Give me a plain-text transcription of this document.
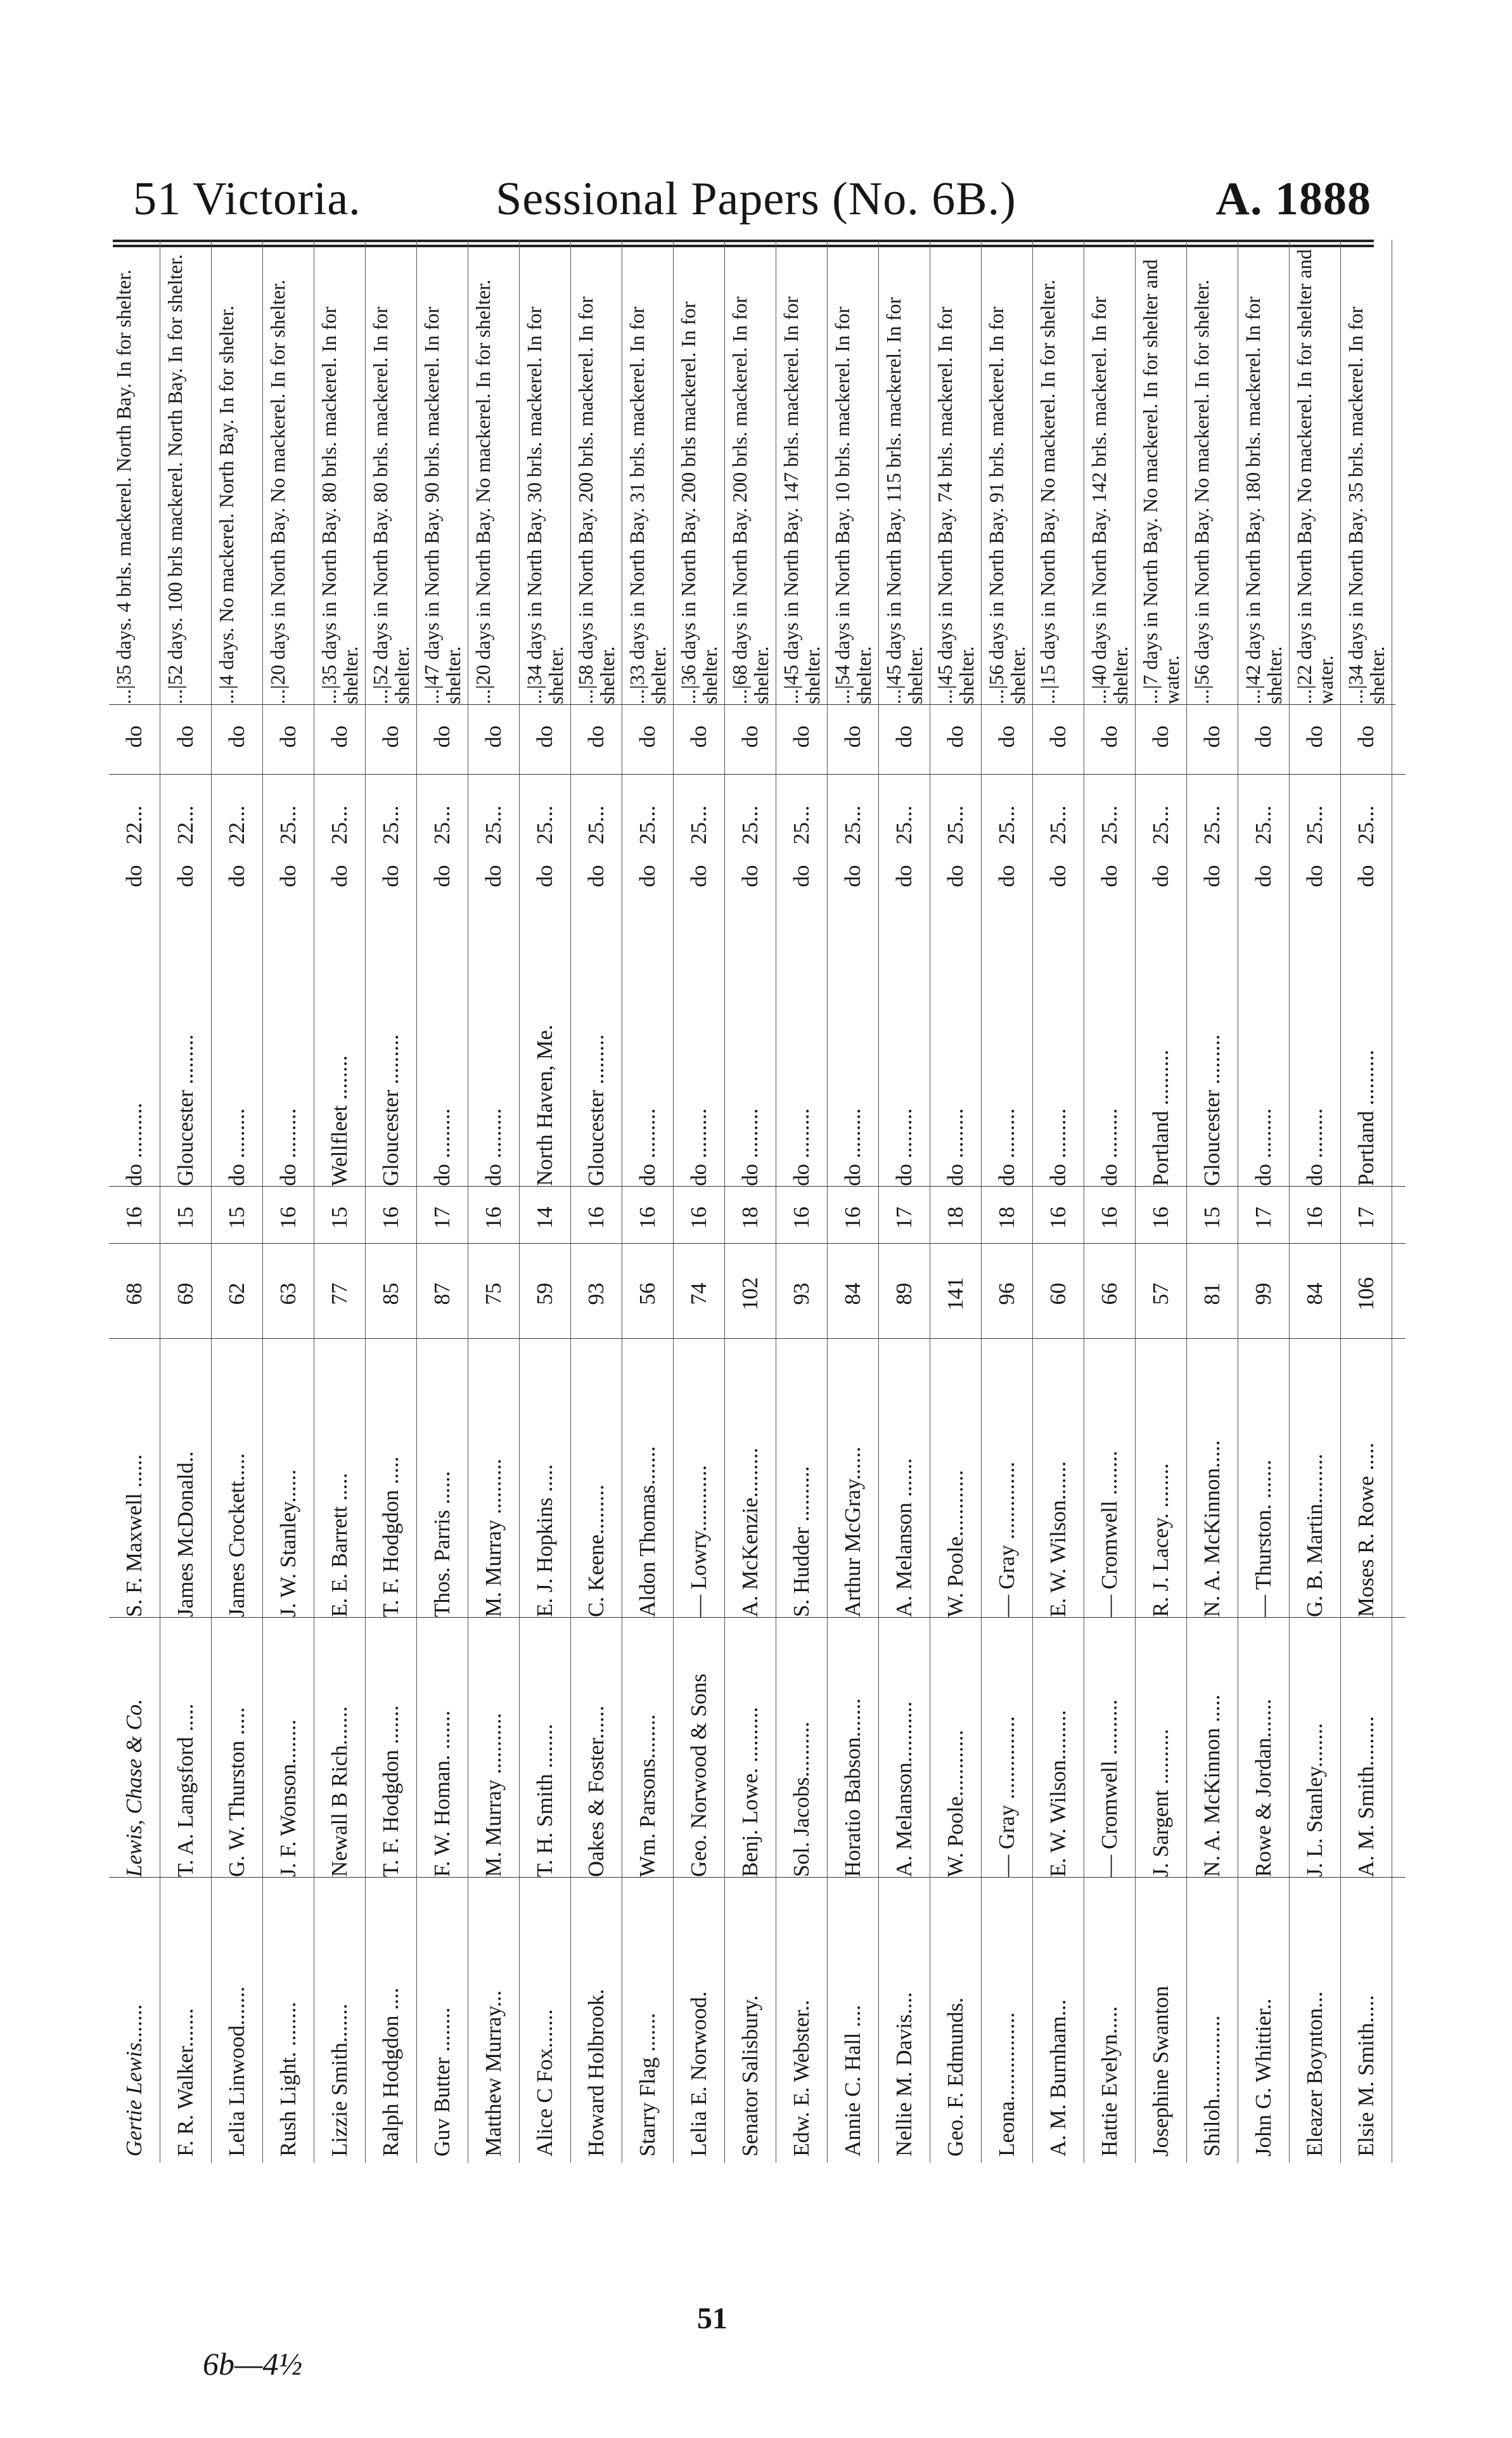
51 Victoria.	Sessional Papers (No. 6B.)	A. 1888
Gertie Lewis.......
Lewis, Chase & Co.
S. F. Maxwell ......
68
16
do ..........
do
22...
do
...|35 days. 4 brls. mackerel. North Bay. In for shelter.
F. R. Walker.......
T. A. Langsford .....
James McDonald..
69
15
Gloucester .........
do
22...
do
...|52 days. 100 brls mackerel. North Bay. In for shelter.
Lelia Linwood.......
G. W. Thurston .....
James Crockett.....
62
15
do .........
do
22...
do
...|4 days. No mackerel. North Bay. In for shelter.
Rush Light. ........
J. F. Wonson........
J. W. Stanley......
63
16
do .........
do
25...
do
...|20 days in North Bay. No mackerel. In for shelter.
Lizzie Smith.......
Newall B Rich.......
E. E. Barrett .....
77
15
Wellfleet ........
do
25...
do
...|35 days in North Bay. 80 brls. mackerel. In for shelter.
Ralph Hodgdon ....
T. F. Hodgdon .......
T. F. Hodgdon .....
85
16
Gloucester .........
do
25...
do
...|52 days in North Bay. 80 brls. mackerel. In for shelter.
Guv Butter ........
F. W. Homan. .......
Thos. Parris ......
87
17
do .........
do
25...
do
...|47 days in North Bay. 90 brls. mackerel. In for shelter.
Matthew Murray...
M. Murray ...........
M. Murray ..........
75
16
do .........
do
25...
do
...|20 days in North Bay. No mackerel. In for shelter.
Alice C Fox.......
T. H. Smith ........
E. J. Hopkins .....
59
14
North Haven, Me.
do
25...
do
...|34 days in North Bay. 30 brls. mackerel. In for shelter.
Howard Holbrook.
Oakes & Foster......
C. Keene.........
93
16
Gloucester .........
do
25...
do
...|58 days in North Bay. 200 brls. mackerel. In for shelter.
Starry Flag .......
Wm. Parsons........
Aldon Thomas.......
56
16
do .........
do
25...
do
...|33 days in North Bay. 31 brls. mackerel. In for shelter.
Lelia E. Norwood.
Geo. Norwood & Sons
— Lowry............
74
16
do .........
do
25...
do
...|36 days in North Bay. 200 brls mackerel. In for shelter.
Senator Salisbury.
Benj. Lowe. ..........
A. McKenzie.........
102
18
do .........
do
25...
do
...|68 days in North Bay. 200 brls. mackerel. In for shelter.
Edw. E. Webster..
Sol. Jacobs..........
S. Hudder ..........
93
16
do .........
do
25...
do
...|45 days in North Bay. 147 brls. mackerel. In for shelter.
Annie C. Hall ....
Horatio Babson.......
Arthur McGray......
84
16
do .........
do
25...
do
...|54 days in North Bay. 10 brls. mackerel. In for shelter.
Nellie M. Davis....
A. Melanson...........
A. Melanson .......
89
17
do .........
do
25...
do
...|45 days in North Bay. 115 brls. mackerel. In for shelter.
Geo. F. Edmunds.
W. Poole............
W. Poole............
141
18
do .........
do
25...
do
...|45 days in North Bay. 74 brls. mackerel. In for shelter.
Leona................
— Gray ...............
— Gray ..............
96
18
do .........
do
25...
do
...|56 days in North Bay. 91 brls. mackerel. In for shelter.
A. M. Burnham...
E. W. Wilson.........
E. W. Wilson.......
60
16
do .........
do
25...
do
...|15 days in North Bay. No mackerel. In for shelter.
Hattie Evelyn.....
— Cromwell ..........
— Cromwell ........
66
16
do .........
do
25...
do
...|40 days in North Bay. 142 brls. mackerel. In for shelter.
Josephine Swanton
J. Sargent ..........
R. J. Lacey. ........
57
16
Portland ..........
do
25...
do
...|7 days in North Bay. No mackerel. In for shelter and water.
Shiloh...............
N. A. McKinnon .....
N. A. McKinnon.....
81
15
Gloucester .........
do
25...
do
...|56 days in North Bay. No mackerel. In for shelter.
John G. Whittier..
Rowe & Jordan.......
— Thurston. .......
99
17
do .........
do
25...
do
...|42 days in North Bay. 180 brls. mackerel. In for shelter.
Eleazer Boynton...
J. L. Stanley........
G. B. Martin.........
84
16
do .........
do
25...
do
...|22 days in North Bay. No mackerel. In for shelter and water.
Elsie M. Smith.....
A. M. Smith.........
Moses R. Rowe .....
106
17
Portland ..........
do
25...
do
...|34 days in North Bay. 35 brls. mackerel. In for shelter.
51
6b—4½
